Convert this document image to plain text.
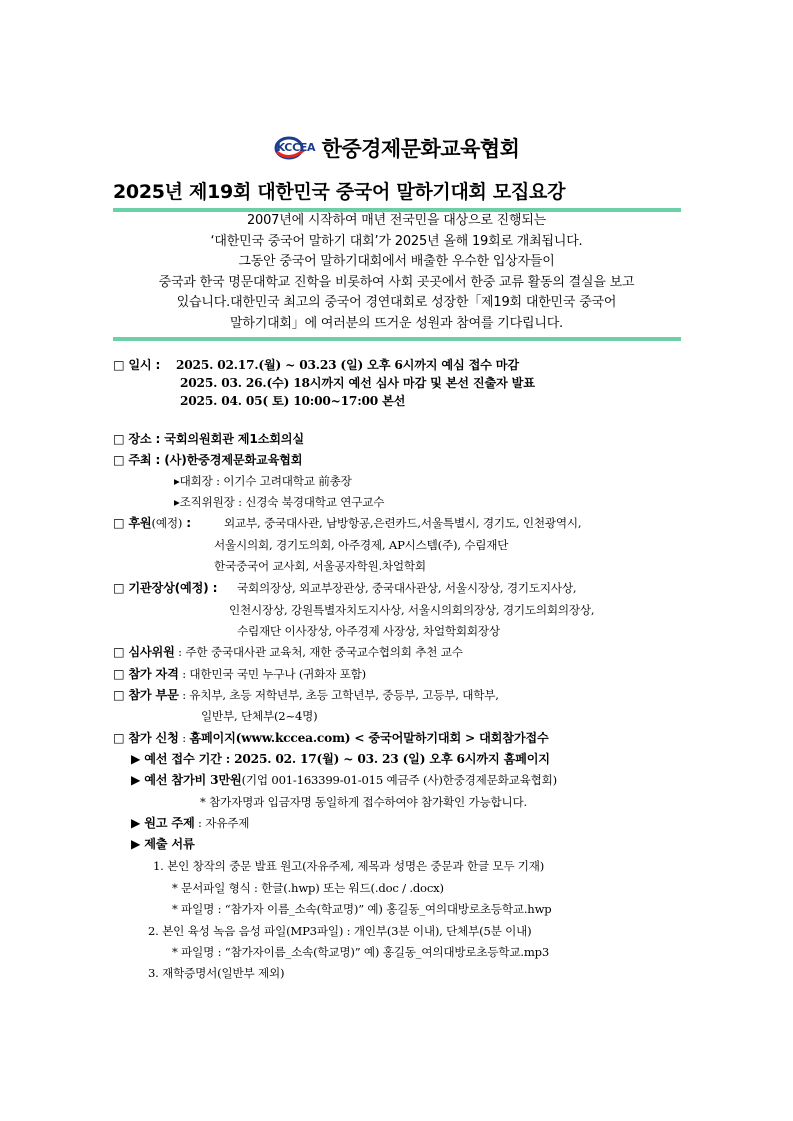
KCCEA 한중경제문화교육협회
2025년 제19회 대한민국 중국어 말하기대회 모집요강
2007년에 시작하여 매년 전국민을 대상으로 진행되는
‘대한민국 중국어 말하기 대회’가 2025년 올해 19회로 개최됩니다.
그동안 중국어 말하기대회에서 배출한 우수한 입상자들이
중국과 한국 명문대학교 진학을 비롯하여 사회 곳곳에서 한중 교류 활동의 결실을 보고
있습니다.대한민국 최고의 중국어 경연대회로 성장한「제19회 대한민국 중국어
말하기대회」에 여러분의 뜨거운 성원과 참여를 기다립니다.
□ 일시 : 2025. 02.17.(월) ~ 03.23 (일) 오후 6시까지 예심 접수 마감
2025. 03. 26.(수) 18시까지 예선 심사 마감 및 본선 진출자 발표
2025. 04. 05( 토) 10:00~17:00 본선
□ 장소 : 국회의원회관 제1소회의실
□ 주최 : (사)한중경제문화교육협회
▸대회장 : 이기수 고려대학교 前총장
▸조직위원장 : 신경숙 북경대학교 연구교수
□ 후원(예정) :	외교부, 중국대사관, 남방항공,은련카드,서울특별시, 경기도, 인천광역시,
서울시의회, 경기도의회, 아주경제, AP시스템(주), 수림재단
한국중국어 교사회, 서울공자학원.차얼학회
□ 기관장상(예정) : 국회의장상, 외교부장관상, 중국대사관상, 서울시장상, 경기도지사상,
인천시장상, 강원특별자치도지사상, 서울시의회의장상, 경기도의회의장상,
수림재단 이사장상, 아주경제 사장상, 차얼학회회장상
□ 심사위원 : 주한 중국대사관 교육처, 재한 중국교수협의회 추천 교수
□ 참가 자격 : 대한민국 국민 누구나 (귀화자 포함)
□ 참가 부문 : 유치부, 초등 저학년부, 초등 고학년부, 중등부, 고등부, 대학부,
일반부, 단체부(2~4명)
□ 참가 신청 : 홈페이지(www.kccea.com) < 중국어말하기대회 > 대회참가접수
▶ 예선 접수 기간 : 2025. 02. 17(월) ~ 03. 23 (일) 오후 6시까지 홈페이지
▶ 예선 참가비 3만원(기업 001-163399-01-015 예금주 (사)한중경제문화교육협회)
* 참가자명과 입금자명 동일하게 접수하여야 참가확인 가능합니다.
▶ 원고 주제 : 자유주제
▶ 제출 서류
1. 본인 창작의 중문 발표 원고(자유주제, 제목과 성명은 중문과 한글 모두 기재)
* 문서파일 형식 : 한글(.hwp) 또는 워드(.doc / .docx)
* 파일명 : “참가자 이름_소속(학교명)” 예) 홍길동_여의대방로초등학교.hwp
2. 본인 육성 녹음 음성 파일(MP3파일) : 개인부(3분 이내), 단체부(5분 이내)
* 파일명 : “참가자이름_소속(학교명)” 예) 홍길동_여의대방로초등학교.mp3
3. 재학증명서(일반부 제외)
